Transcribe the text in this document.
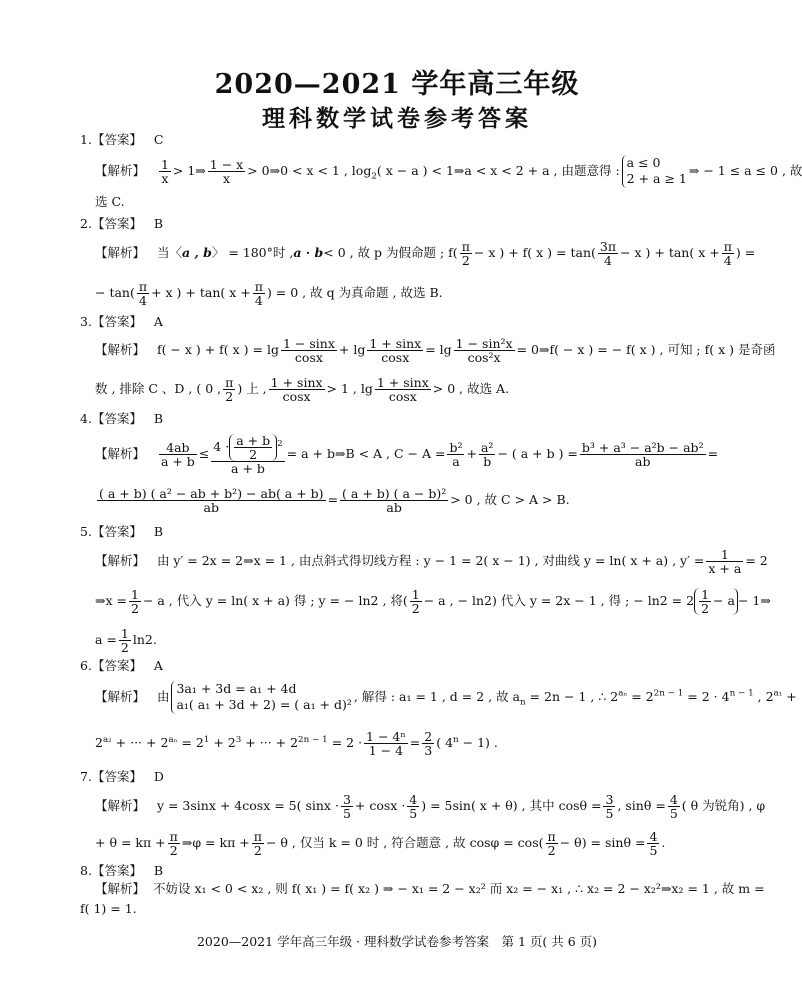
2020—2021 学年高三年级
理科数学试卷参考答案
1.【答案】 C
【解析】 $\frac{1}{x}$ > 1⇒ $\frac{1 - x}{x}$ > 0⇒0 < x < 1 , $\log_2$( x − a ) < 1⇒a < x < 2 + a , 由题意得 :
a ≤ 0
2 + a ≥ 1
⇒ − 1 ≤ a ≤ 0 , 故
选 C.
2.【答案】 B
【解析】 当〈a , b〉 = 180°时 ,a · b< 0 , 故 p 为假命题 ; $f( \frac{\pi}{2} - x$ ) + f( x ) = $\tan( \frac{3\pi}{4} - x$ ) + tan( $x + \frac{\pi}{4}$ ) =
− $\tan( \frac{\pi}{4} + x$ ) + tan( $x + \frac{\pi}{4}$ ) = 0 , 故 q 为真命题 , 故选 B.
3.【答案】 A
【解析】 f( − x ) + f( x ) = $\lg \frac{1 - \sin x}{\cos x} + \lg \frac{1 + \sin x}{\cos x} = \lg \frac{\text{1 − sin²x}}{\text{cos²x}}$ = 0⇒f( − x ) = − f( x ) , 可知 ; f( x ) 是奇函
数 , 排除 C 、D , ( 0 , $\frac{\pi}{2}$ ) 上 , $\frac{1 + \sin x}{\cos x} > 1$ , $\lg \frac{1 + \sin x}{\cos x} > 0$ , 故选 A.
4.【答案】 B
【解析】 $\frac{4ab}{a + b} \le \frac{4 \cdot \frac{a + b}{2} ^2}{a + b} = a$ + b⇒B < A , $C - A = \frac{\text{b²}}{a} + \frac{\text{a²}}{b}$ − ( a + b ) = $\frac{\text{b³ + a³ − a²b − ab²}}{ab}$ =
$\frac{\text{( a + b) ( a² − ab + b²) − ab( a + b)}}{ab} = \frac{\text{( a + b) ( a − b)²}}{ab} > 0$ , 故 C > A > B.
5.【答案】 B
【解析】 由 y′ = 2x = 2⇒x = 1 , 由点斜式得切线方程 : y − 1 = 2( x − 1) , 对曲线 y = ln( x + a) , $y' = \frac{1}{x + a} = 2$
⇒x = $\frac{1}{2} - a$ , 代入 y = ln( x + a) 得 ; y = − ln2 , 将( $\frac{1}{2} - a$ , − ln2) 代入 y = 2x − 1 , 得 ; − $\ln 2 = 2 \frac{1}{2} - a$ − 1⇒
$a = \frac{1}{2} \ln 2$.
6.【答案】 A
【解析】 由
3a₁ + 3d = a₁ + 4d
a₁( a₁ + 3d + 2) = ( a₁ + d)²
, 解得 : a₁ = 1 , d = 2 , 故 $a_n = 2n - 1$ , ∴ $2^{a_n} = 2^{2n - 1} = 2 \cdot 4^{n - 1}$ , $2^{a_1}$ +
$2^{a_2}$ + ··· + $2^{a_n} = 2^1 + 2^3$ + ··· + $2^{2n - 1} = 2 \cdot \frac{\text{1 − 4ⁿ}}{1 - 4} = \frac{2}{3}$ ( $4^n - 1$) .
7.【答案】 D
【解析】 y = 3sinx + 4cosx = 5( $\sin x \cdot \frac{3}{5} + \cos x \cdot \frac{4}{5}$ ) = 5sin( x + θ) , 其中 $\cos\theta = \frac{3}{5}$ , $\sin\theta = \frac{4}{5}$ ( θ 为锐角) , φ
+ $\theta = k\pi + \frac{\pi}{2}$ ⇒φ = $k\pi + \frac{\pi}{2} - \theta$ , 仅当 k = 0 时 , 符合题意 , 故 $\cos\varphi = \cos( \frac{\pi}{2} - \theta) = \sin\theta = \frac{4}{5}$ .
8.【答案】 B
【解析】 不妨设 x₁ < 0 < x₂ , 则 f( x₁ ) = f( x₂ ) ⇒ − x₁ = 2 − x₂² 而 x₂ = − x₁ , ∴ x₂ = 2 − x₂²⇒x₂ = 1 , 故 m =
f( 1) = 1.
2020—2021 学年高三年级 · 理科数学试卷参考答案　第 1 页( 共 6 页)
